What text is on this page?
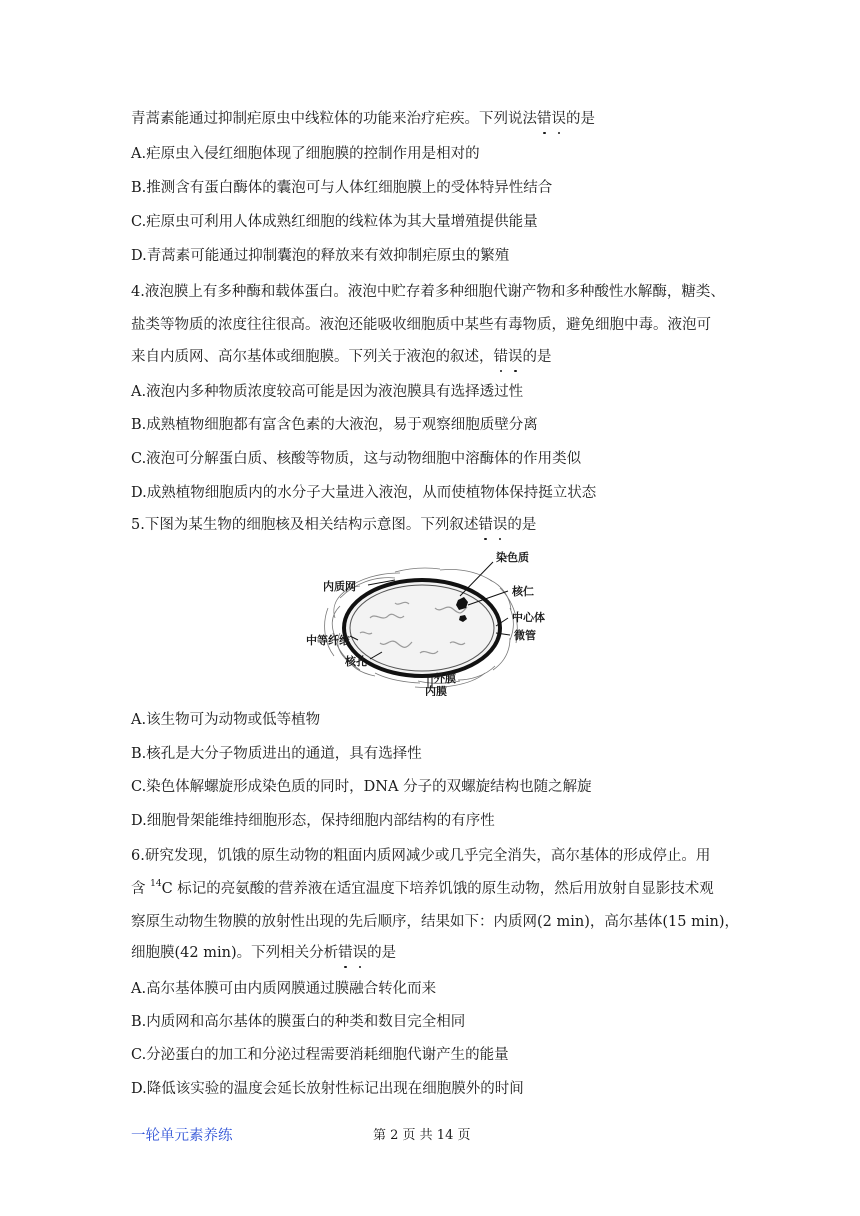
青蒿素能通过抑制疟原虫中线粒体的功能来治疗疟疾。下列说法错误的是
A.疟原虫入侵红细胞体现了细胞膜的控制作用是相对的
B.推测含有蛋白酶体的囊泡可与人体红细胞膜上的受体特异性结合
C.疟原虫可利用人体成熟红细胞的线粒体为其大量增殖提供能量
D.青蒿素可能通过抑制囊泡的释放来有效抑制疟原虫的繁殖
4.液泡膜上有多种酶和载体蛋白。液泡中贮存着多种细胞代谢产物和多种酸性水解酶，糖类、
盐类等物质的浓度往往很高。液泡还能吸收细胞质中某些有毒物质，避免细胞中毒。液泡可
来自内质网、高尔基体或细胞膜。下列关于液泡的叙述，错误的是
A.液泡内多种物质浓度较高可能是因为液泡膜具有选择透过性
B.成熟植物细胞都有富含色素的大液泡，易于观察细胞质壁分离
C.液泡可分解蛋白质、核酸等物质，这与动物细胞中溶酶体的作用类似
D.成熟植物细胞质内的水分子大量进入液泡，从而使植物体保持挺立状态
5.下图为某生物的细胞核及相关结构示意图。下列叙述错误的是
染色质
内质网	核仁
中心体
微管
中等纤维
核孔
外膜
内膜
A.该生物可为动物或低等植物
B.核孔是大分子物质进出的通道，具有选择性
C.染色体解螺旋形成染色质的同时，DNA 分子的双螺旋结构也随之解旋
D.细胞骨架能维持细胞形态，保持细胞内部结构的有序性
6.研究发现，饥饿的原生动物的粗面内质网减少或几乎完全消失，高尔基体的形成停止。用
含 $^{14}$C 标记的亮氨酸的营养液在适宜温度下培养饥饿的原生动物，然后用放射自显影技术观
察原生动物生物膜的放射性出现的先后顺序，结果如下：内质网(2 min)，高尔基体(15 min)，
细胞膜(42 min)。下列相关分析错误的是
A.高尔基体膜可由内质网膜通过膜融合转化而来
B.内质网和高尔基体的膜蛋白的种类和数目完全相同
C.分泌蛋白的加工和分泌过程需要消耗细胞代谢产生的能量
D.降低该实验的温度会延长放射性标记出现在细胞膜外的时间
一轮单元素养练	第 2 页 共 14 页
